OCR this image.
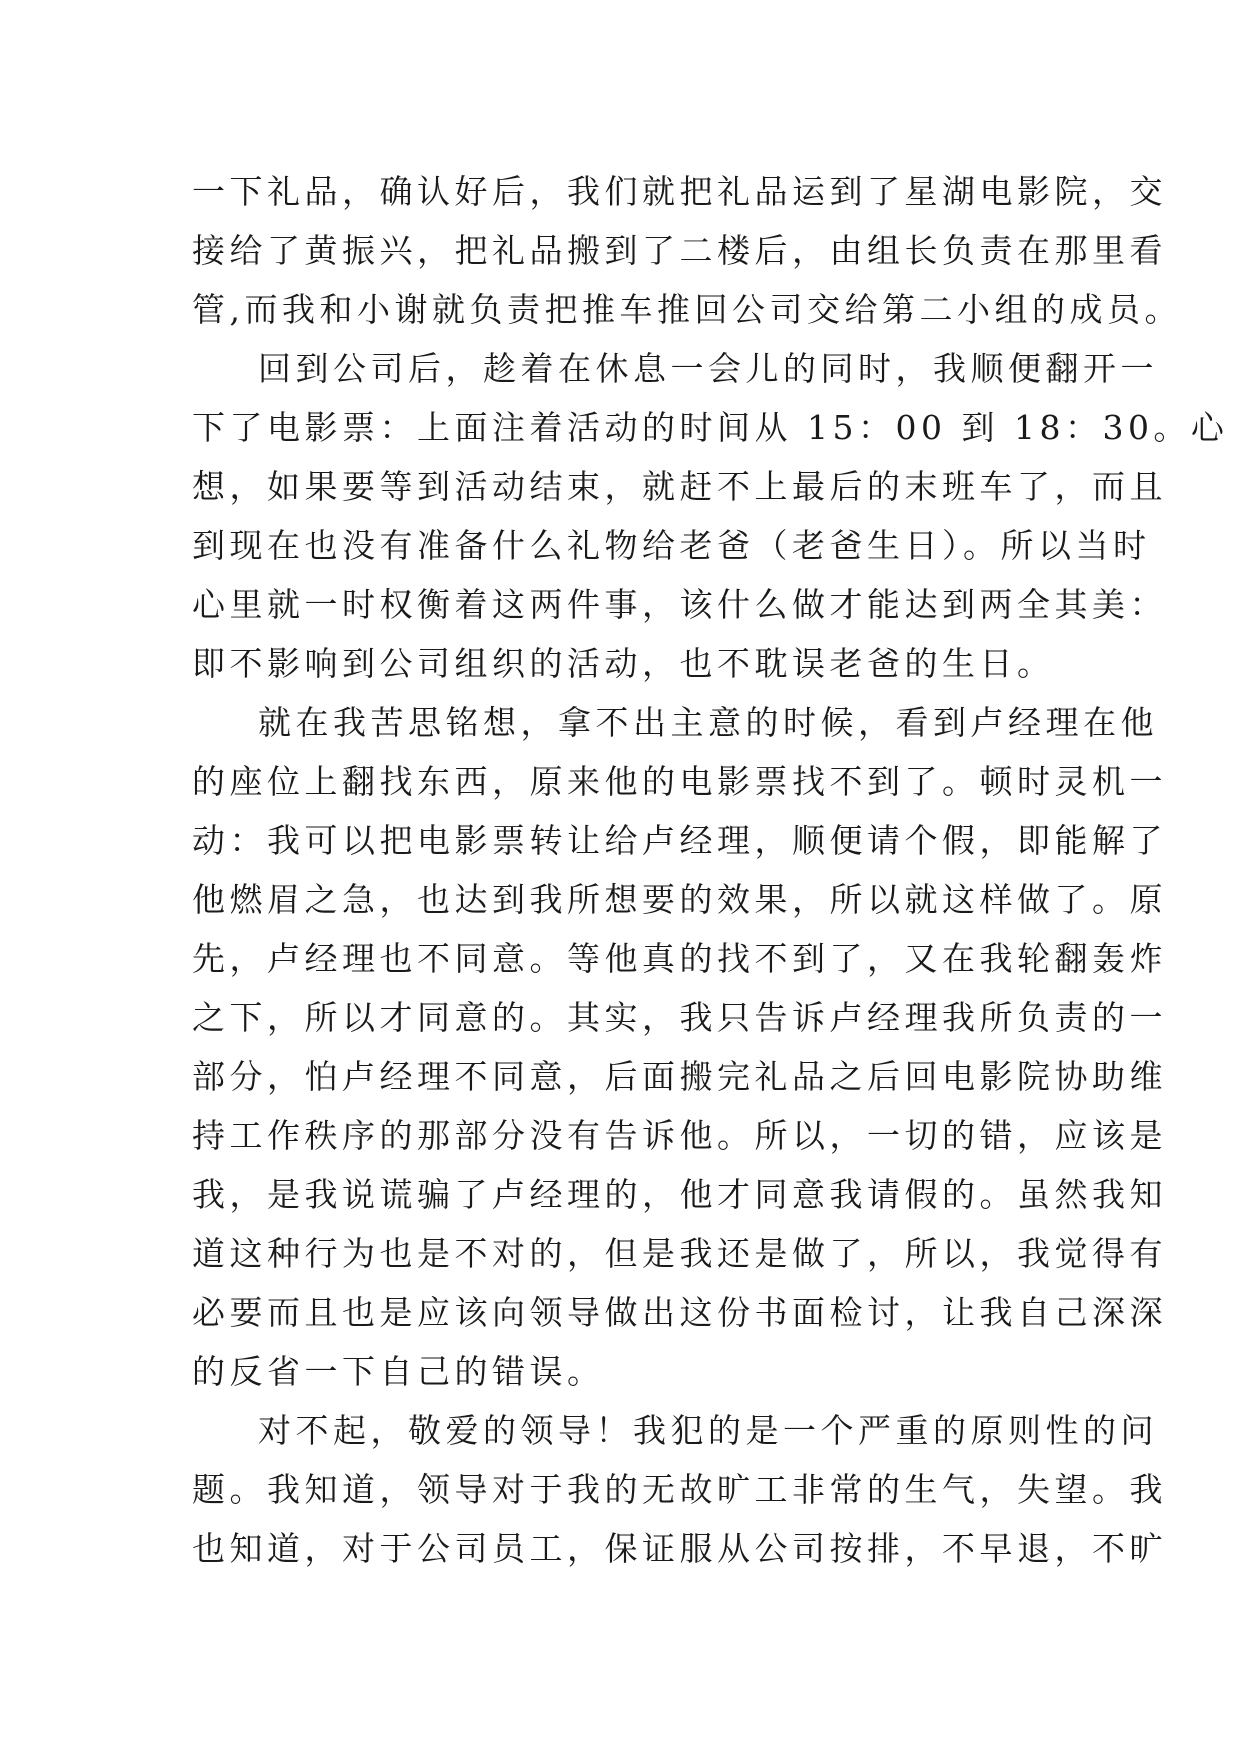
一下礼品，确认好后，我们就把礼品运到了星湖电影院，交
接给了黄振兴，把礼品搬到了二楼后，由组长负责在那里看
管,而我和小谢就负责把推车推回公司交给第二小组的成员。
回到公司后，趁着在休息一会儿的同时，我顺便翻开一
下了电影票：上面注着活动的时间从 15：00 到 18：30。心
想，如果要等到活动结束，就赶不上最后的末班车了，而且
到现在也没有准备什么礼物给老爸（老爸生日）。所以当时
心里就一时权衡着这两件事，该什么做才能达到两全其美：
即不影响到公司组织的活动，也不耽误老爸的生日。
就在我苦思铭想，拿不出主意的时候，看到卢经理在他
的座位上翻找东西，原来他的电影票找不到了。顿时灵机一
动：我可以把电影票转让给卢经理，顺便请个假，即能解了
他燃眉之急，也达到我所想要的效果，所以就这样做了。原
先，卢经理也不同意。等他真的找不到了，又在我轮翻轰炸
之下，所以才同意的。其实，我只告诉卢经理我所负责的一
部分，怕卢经理不同意，后面搬完礼品之后回电影院协助维
持工作秩序的那部分没有告诉他。所以，一切的错，应该是
我，是我说谎骗了卢经理的，他才同意我请假的。虽然我知
道这种行为也是不对的，但是我还是做了，所以，我觉得有
必要而且也是应该向领导做出这份书面检讨，让我自己深深
的反省一下自己的错误。
对不起，敬爱的领导！我犯的是一个严重的原则性的问
题。我知道，领导对于我的无故旷工非常的生气，失望。我
也知道，对于公司员工，保证服从公司按排，不早退，不旷
